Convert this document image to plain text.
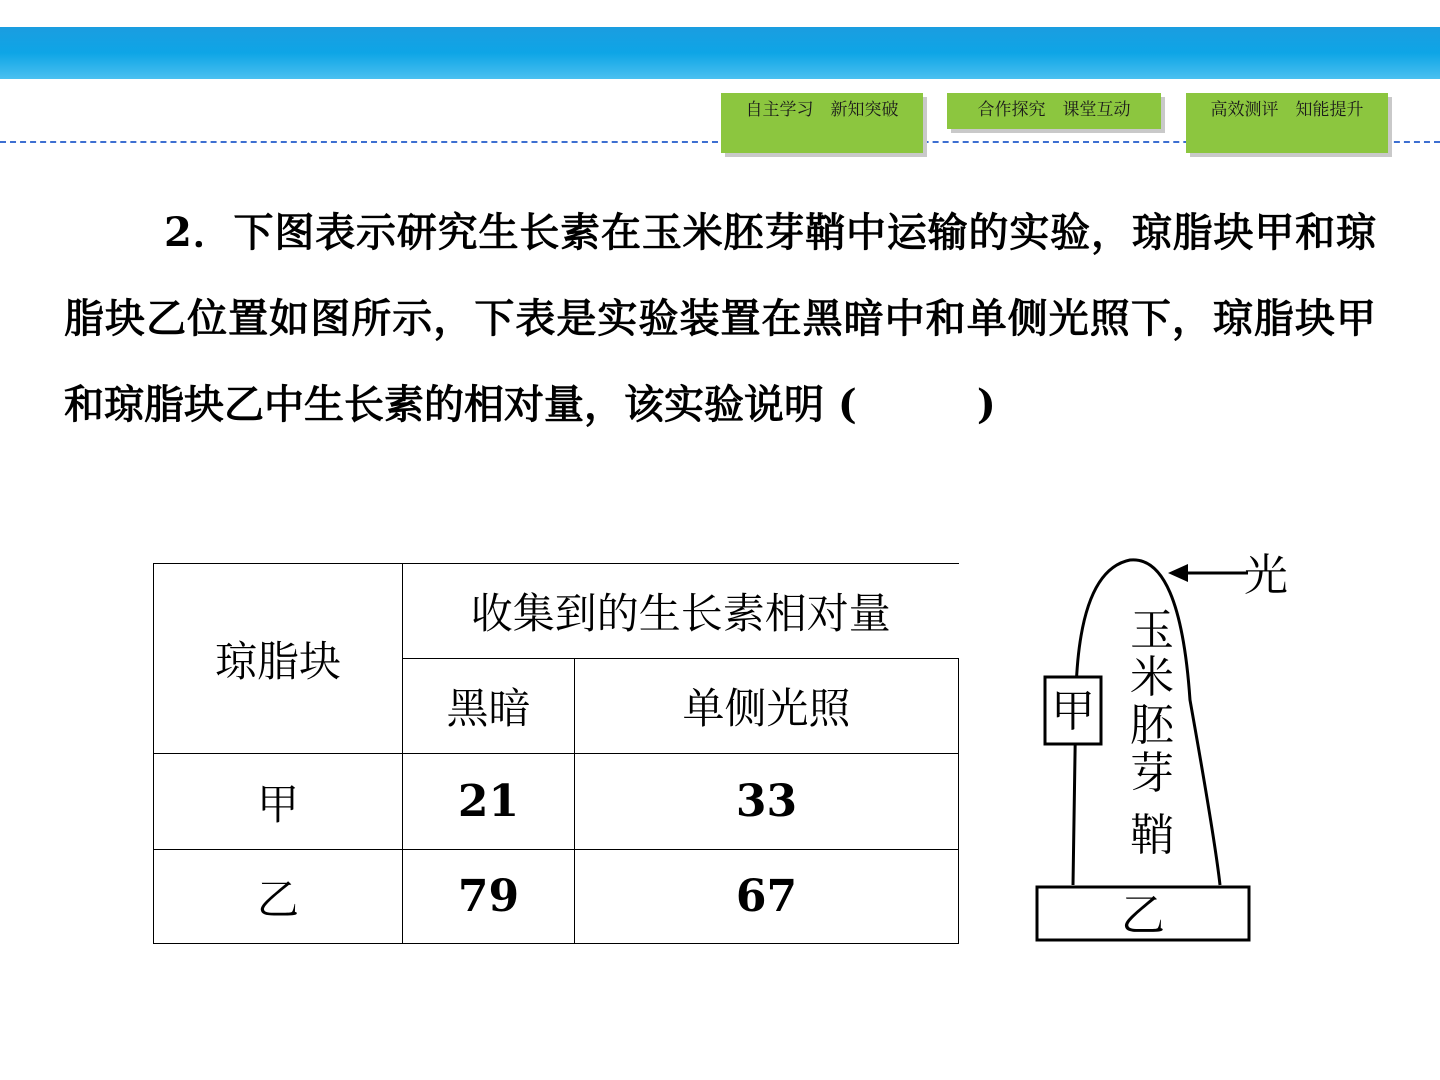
自主学习　新知突破	合作探究　课堂互动	高效测评　知能提升
2．下图表示研究生长素在玉米胚芽鞘中运输的实验，琼脂块甲和琼脂块乙位置如图所示，下表是实验装置在黑暗中和单侧光照下，琼脂块甲和琼脂块乙中生长素的相对量，该实验说明 (　　　)
琼脂块	收集到的生长素相对量	
	黑暗	单侧光照
甲	21	33
乙	79	67
光
玉
米
胚
芽
鞘
甲
乙
